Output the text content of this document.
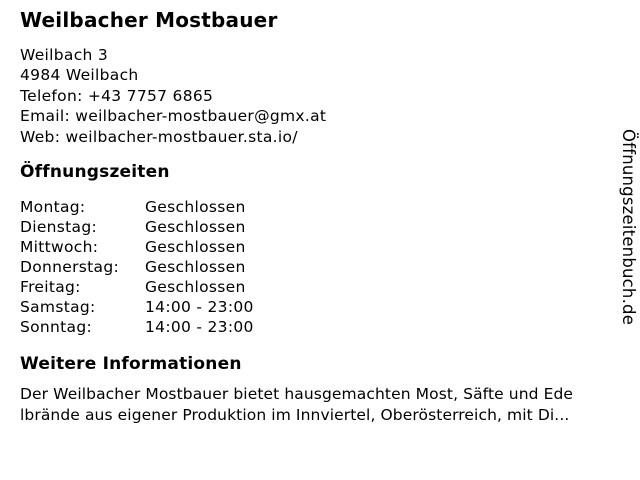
Weilbacher Mostbauer
Weilbach 3
4984 Weilbach
Telefon: +43 7757 6865
Email: weilbacher-mostbauer@gmx.at
Web: weilbacher-mostbauer.sta.io/
Öffnungszeiten
Montag:	Geschlossen
Dienstag:	Geschlossen
Mittwoch:	Geschlossen
Donnerstag:	Geschlossen
Freitag:	Geschlossen
Samstag:	14:00 - 23:00
Sonntag:	14:00 - 23:00
Weitere Informationen
Der Weilbacher Mostbauer bietet hausgemachten Most, Säfte und Ede
lbrände aus eigener Produktion im Innviertel, Oberösterreich, mit Di...
Öffnungszeitenbuch.de
